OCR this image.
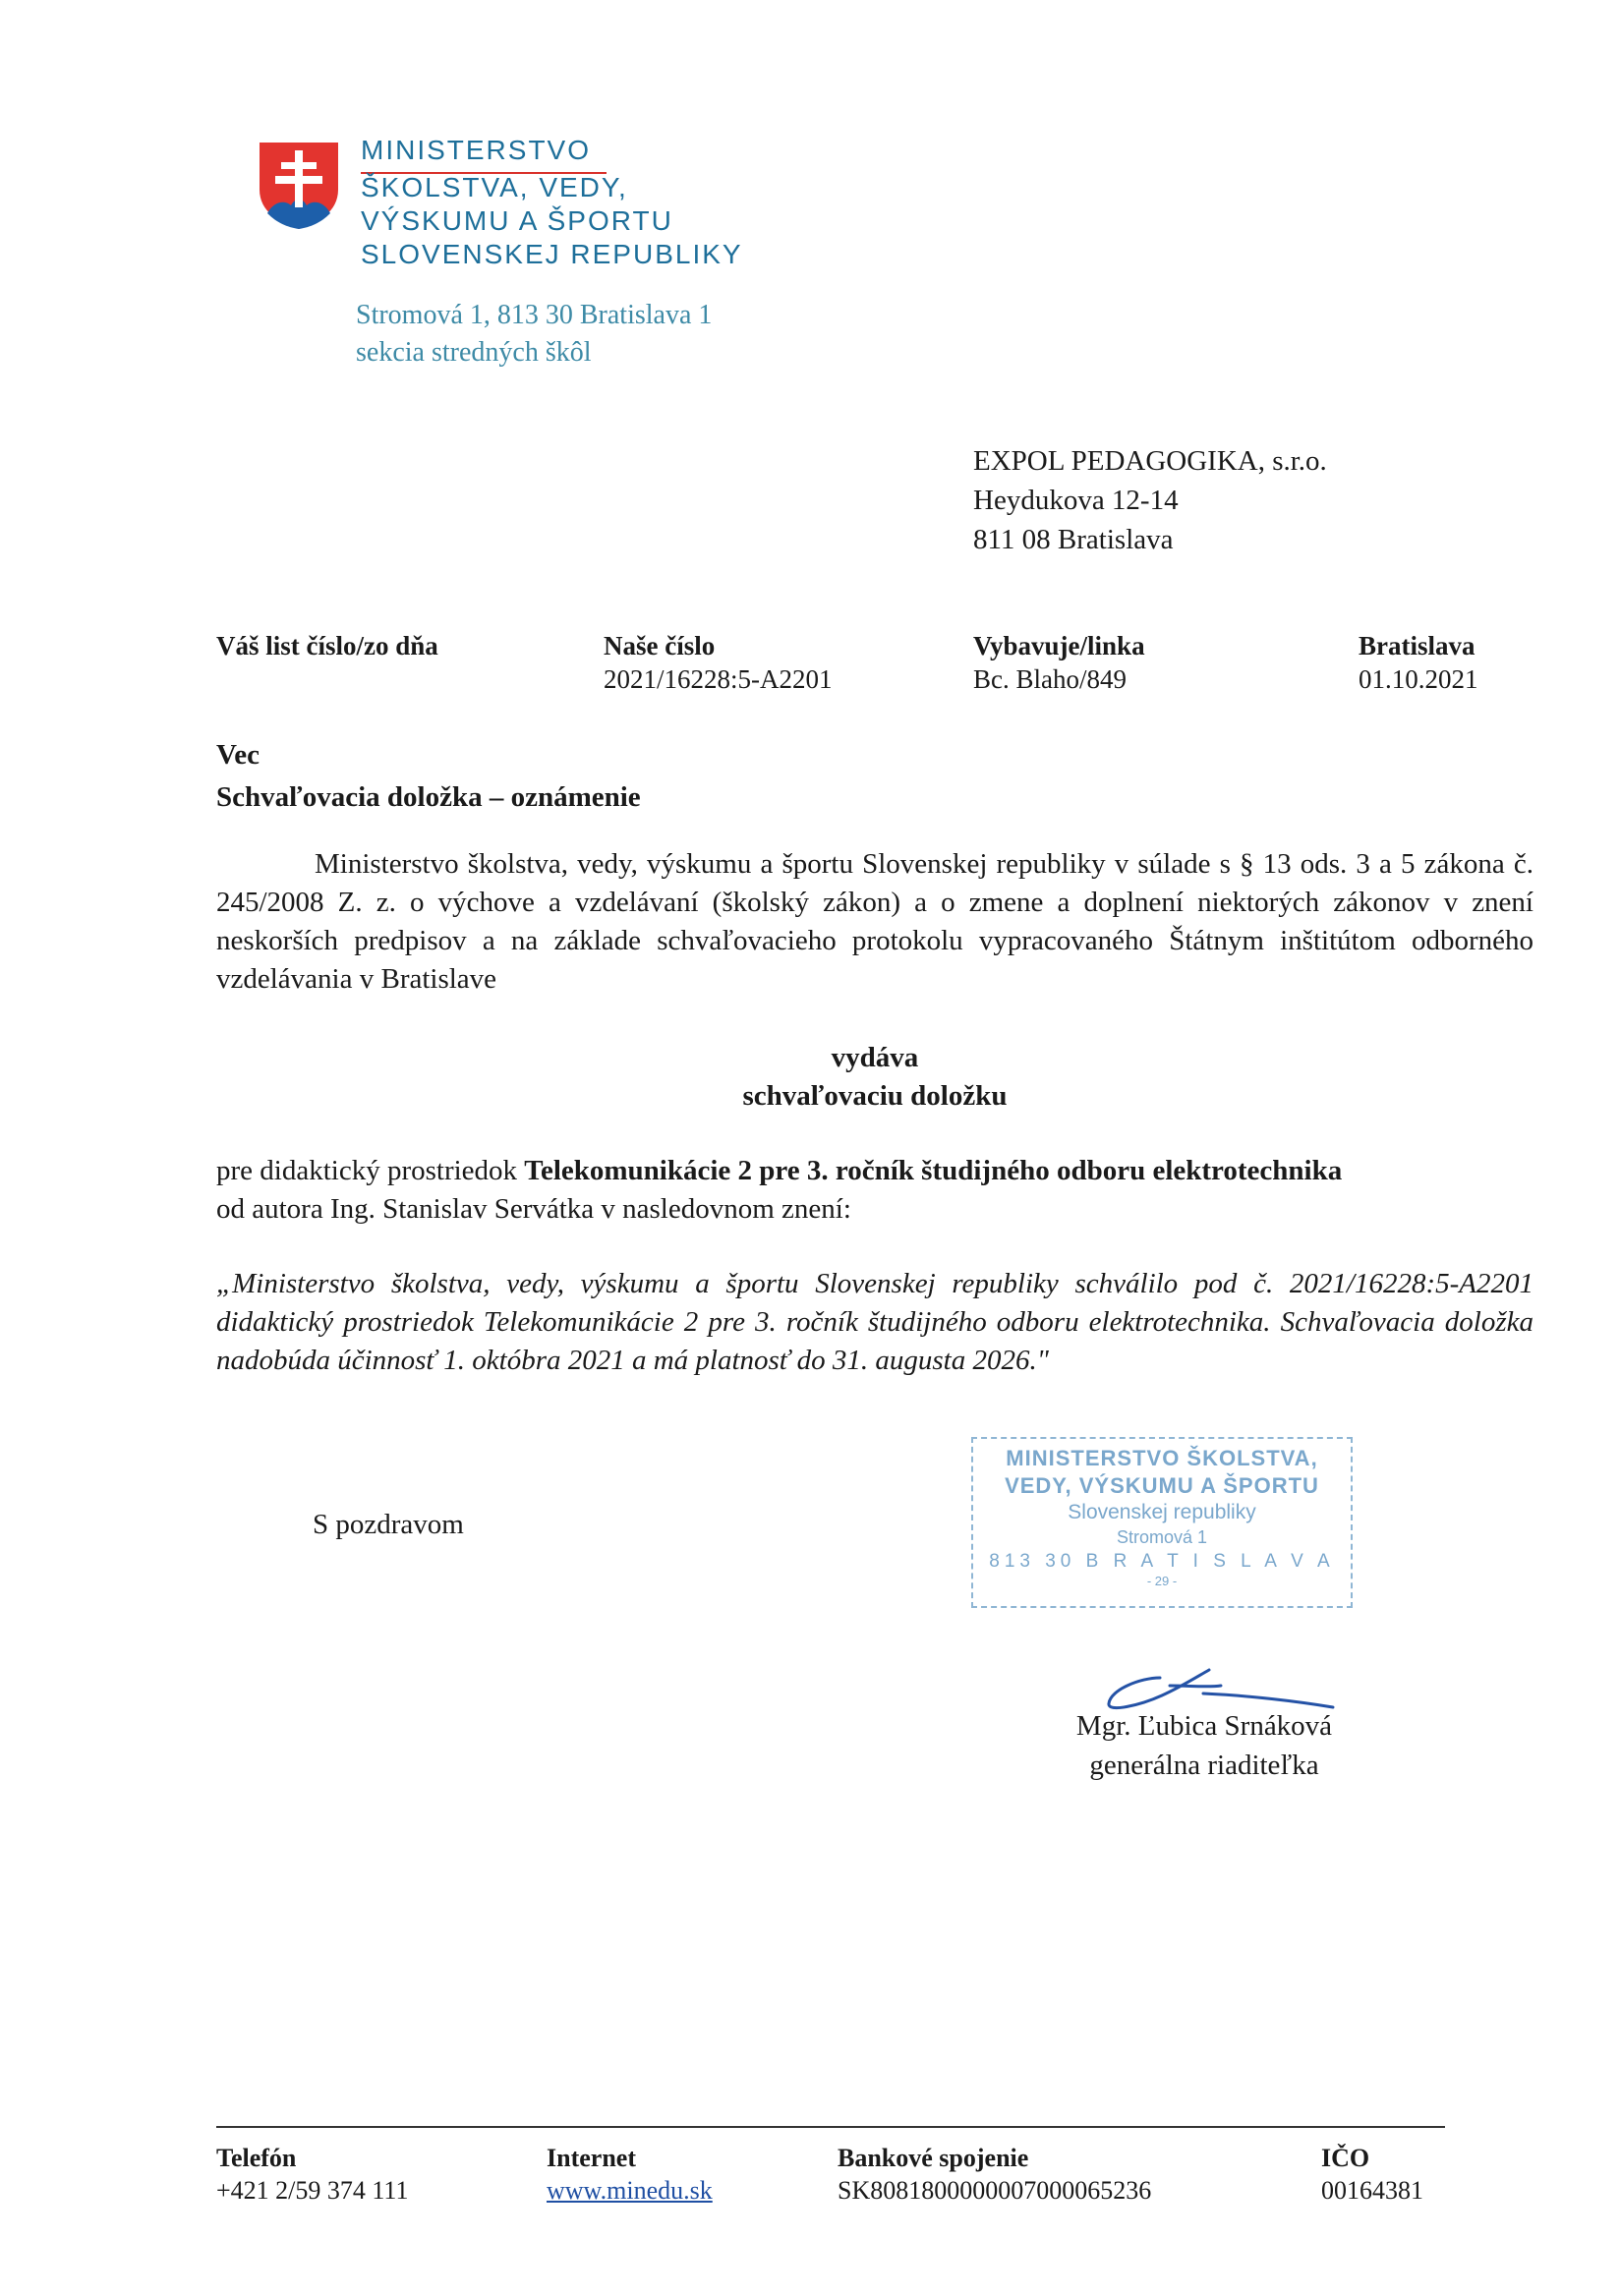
MINISTERSTVO
ŠKOLSTVA, VEDY,
VÝSKUMU A ŠPORTU
SLOVENSKEJ REPUBLIKY
Stromová 1, 813 30 Bratislava 1
sekcia stredných škôl
EXPOL PEDAGOGIKA, s.r.o.
Heydukova 12-14
811 08 Bratislava
Váš list číslo/zo dňa	Naše číslo
2021/16228:5-A2201
Vybavuje/linka
Bc. Blaho/849
Bratislava
01.10.2021
Vec
Schvaľovacia doložka – oznámenie
Ministerstvo školstva, vedy, výskumu a športu Slovenskej republiky v súlade s § 13 ods. 3 a 5 zákona č. 245/2008 Z. z. o výchove a vzdelávaní (školský zákon) a o zmene a doplnení niektorých zákonov v znení neskorších predpisov a na základe schvaľovacieho protokolu vypracovaného Štátnym inštitútom odborného vzdelávania v Bratislave
vydáva
schvaľovaciu doložku
pre didaktický prostriedok Telekomunikácie 2 pre 3. ročník študijného odboru elektrotechnika
od autora Ing. Stanislav Servátka v nasledovnom znení:
„Ministerstvo školstva, vedy, výskumu a športu Slovenskej republiky schválilo pod č. 2021/16228:5-A2201 didaktický prostriedok Telekomunikácie 2 pre 3. ročník študijného odboru elektrotechnika. Schvaľovacia doložka nadobúda účinnosť 1. októbra 2021 a má platnosť do 31. augusta 2026."
MINISTERSTVO ŠKOLSTVA,
VEDY, VÝSKUMU A ŠPORTU
Slovenskej republiky
Stromová 1
813 30 B R A T I S L A V A
- 29 -
S pozdravom
Mgr. Ľubica Srnáková
generálna riaditeľka
Telefón
+421 2/59 374 111
Internet
www.minedu.sk
Bankové spojenie
SK8081800000007000065236
IČO
00164381
